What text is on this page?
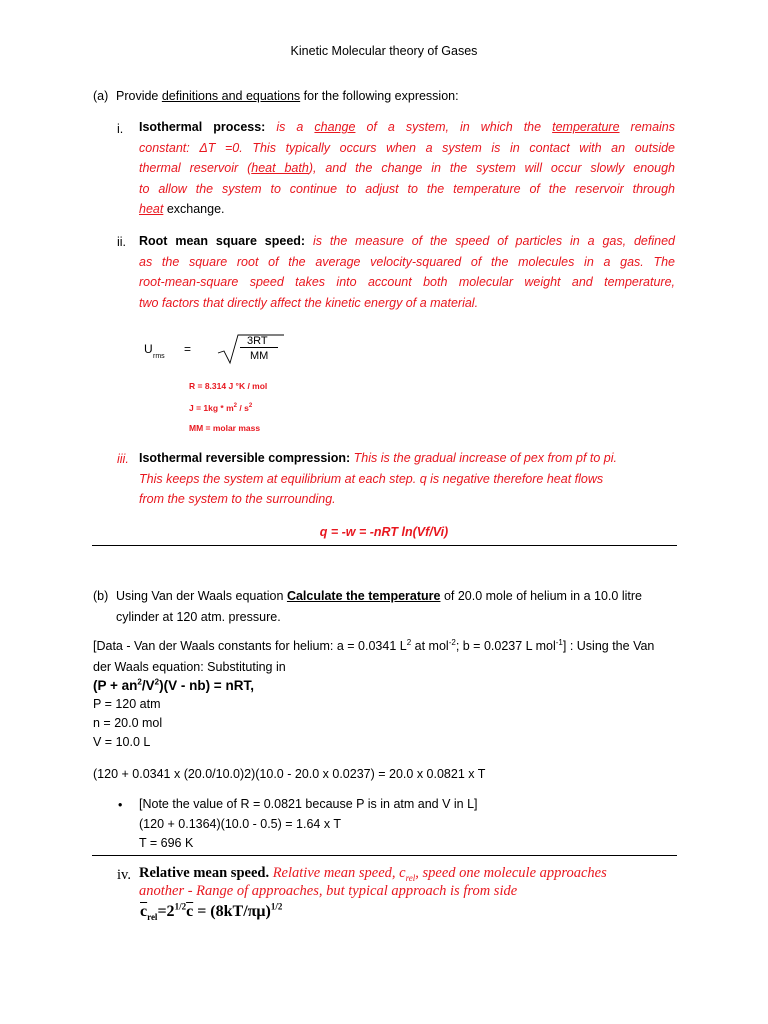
Kinetic Molecular theory of Gases
(a) Provide definitions and equations for the following expression:
i. Isothermal process: is a change of a system, in which the temperature remains
constant: ΔT =0. This typically occurs when a system is in contact with an outside
thermal reservoir (heat bath), and the change in the system will occur slowly enough
to allow the system to continue to adjust to the temperature of the reservoir through
heat exchange.
ii. Root mean square speed: is the measure of the speed of particles in a gas, defined
as the square root of the average velocity-squared of the molecules in a gas. The
root-mean-square speed takes into account both molecular weight and temperature,
two factors that directly affect the kinetic energy of a material.
U
rms
=
3RT
MM
R = 8.314 J °K / mol
$J = 1kg * m^2 / s^2$
MM = molar mass
iii. Isothermal reversible compression: This is the gradual increase of pex from pf to pi.
This keeps the system at equilibrium at each step. q is negative therefore heat flows
from the system to the surrounding.
q = -w = -nRT ln(Vf/Vi)
(b) Using Van der Waals equation Calculate the temperature of 20.0 mole of helium in a 10.0 litre
cylinder at 120 atm. pressure.
[Data - Van der Waals constants for helium: a = 0.0341 $L^2$ at mol$^{-2}$; b = 0.0237 L mol$^{-1}$] : Using the Van
der Waals equation: Substituting in
$(P + an^2/V^2)(V - nb)$ = nRT,
P = 120 atm
n = 20.0 mol
V = 10.0 L
(120 + 0.0341 x (20.0/10.0)2)(10.0 - 20.0 x 0.0237) = 20.0 x 0.0821 x T
• [Note the value of R = 0.0821 because P is in atm and V in L]
(120 + 0.1364)(10.0 - 0.5) = 1.64 x T
T = 696 K
iv. Relative mean speed. Relative mean speed, $c_{rel}$, speed one molecule approaches
another - Range of approaches, but typical approach is from side
$\overline{c}_{rel}=2^{1/2}\overline{c} = (8kT/\pi\mu)^{1/2}$
